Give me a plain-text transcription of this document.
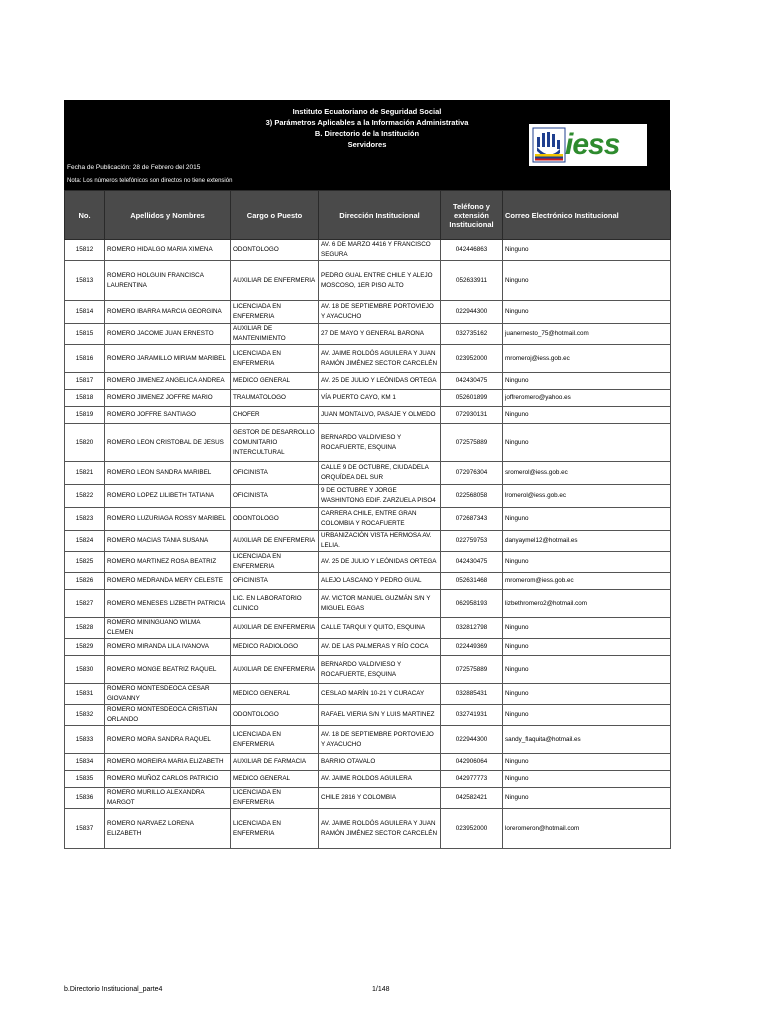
Instituto Ecuatoriano de Seguridad Social
3) Parámetros Aplicables a la Información Administrativa
B. Directorio de la Institución
Servidores
Fecha de Publicación: 28 de Febrero del 2015
Nota: Los números telefónicos son directos no tiene extensión
iess
No.	Apellidos y Nombres	Cargo o Puesto	Dirección Institucional	Teléfono y extensión Institucional	Correo Electrónico Institucional
15812	ROMERO HIDALGO MARIA XIMENA	ODONTOLOGO	AV. 6 DE MARZO 4416 Y FRANCISCO SEGURA	042446863	Ninguno
15813	ROMERO HOLGUIN FRANCISCA LAURENTINA	AUXILIAR DE ENFERMERIA	PEDRO GUAL ENTRE CHILE Y ALEJO MOSCOSO, 1ER PISO ALTO	052633911	Ninguno
15814	ROMERO IBARRA MARCIA GEORGINA	LICENCIADA EN ENFERMERIA	AV. 18 DE SEPTIEMBRE PORTOVIEJO Y AYACUCHO	022944300	Ninguno
15815	ROMERO JACOME JUAN ERNESTO	AUXILIAR DE MANTENIMIENTO	27 DE MAYO Y GENERAL BARONA	032735162	juanernesto_75@hotmail.com
15816	ROMERO JARAMILLO MIRIAM MARIBEL	LICENCIADA EN ENFERMERIA	AV. JAIME ROLDÓS AGUILERA Y JUAN RAMÓN JIMÉNEZ SECTOR CARCELÉN	023952000	mromeroj@iess.gob.ec
15817	ROMERO JIMENEZ ANGELICA ANDREA	MEDICO GENERAL	AV. 25 DE JULIO Y LEÓNIDAS ORTEGA	042430475	Ninguno
15818	ROMERO JIMENEZ JOFFRE MARIO	TRAUMATOLOGO	VÍA PUERTO CAYO, KM 1	052601899	joffreromero@yahoo.es
15819	ROMERO JOFFRE SANTIAGO	CHOFER	JUAN MONTALVO, PASAJE Y OLMEDO	072930131	Ninguno
15820	ROMERO LEON CRISTOBAL DE JESUS	GESTOR DE DESARROLLO COMUNITARIO INTERCULTURAL	BERNARDO VALDIVIESO Y ROCAFUERTE, ESQUINA	072575889	Ninguno
15821	ROMERO LEON SANDRA MARIBEL	OFICINISTA	CALLE 9 DE OCTUBRE, CIUDADELA ORQUÍDEA DEL SUR	072976304	sromerol@iess.gob.ec
15822	ROMERO LOPEZ LILIBETH TATIANA	OFICINISTA	9 DE OCTUBRE Y JORGE WASHINTONG EDIF. ZARZUELA PISO4	022568058	lromerol@iess.gob.ec
15823	ROMERO LUZURIAGA ROSSY MARIBEL	ODONTOLOGO	CARRERA CHILE, ENTRE GRAN COLOMBIA Y ROCAFUERTE	072687343	Ninguno
15824	ROMERO MACIAS TANIA SUSANA	AUXILIAR DE ENFERMERIA	URBANIZACIÓN VISTA HERMOSA AV. LELIA.	022759753	danyaymel12@hotmail.es
15825	ROMERO MARTINEZ ROSA BEATRIZ	LICENCIADA EN ENFERMERIA	AV. 25 DE JULIO Y LEÓNIDAS ORTEGA	042430475	Ninguno
15826	ROMERO MEDRANDA MERY CELESTE	OFICINISTA	ALEJO LASCANO Y PEDRO GUAL	052631468	mromerom@iess.gob.ec
15827	ROMERO MENESES LIZBETH PATRICIA	LIC. EN LABORATORIO CLINICO	AV. VICTOR MANUEL GUZMÁN S/N Y MIGUEL EGAS	062958193	lizbethromero2@hotmail.com
15828	ROMERO MININGUANO WILMA CLEMEN	AUXILIAR DE ENFERMERIA	CALLE TARQUI Y QUITO, ESQUINA	032812798	Ninguno
15829	ROMERO MIRANDA LILA IVANOVA	MEDICO RADIOLOGO	AV. DE LAS PALMERAS Y RÍO COCA	022449369	Ninguno
15830	ROMERO MONGE BEATRIZ RAQUEL	AUXILIAR DE ENFERMERIA	BERNARDO VALDIVIESO Y ROCAFUERTE, ESQUINA	072575889	Ninguno
15831	ROMERO MONTESDEOCA CESAR GIOVANNY	MEDICO GENERAL	CESLAO MARÍN 10-21 Y CURACAY	032885431	Ninguno
15832	ROMERO MONTESDEOCA CRISTIAN ORLANDO	ODONTOLOGO	RAFAEL VIERIA S/N Y LUIS MARTINEZ	032741931	Ninguno
15833	ROMERO MORA SANDRA RAQUEL	LICENCIADA EN ENFERMERIA	AV. 18 DE SEPTIEMBRE PORTOVIEJO Y AYACUCHO	022944300	sandy_flaquita@hotmail.es
15834	ROMERO MOREIRA MARIA ELIZABETH	AUXILIAR DE FARMACIA	BARRIO OTAVALO	042906064	Ninguno
15835	ROMERO MUÑOZ CARLOS PATRICIO	MEDICO GENERAL	AV. JAIME ROLDOS AGUILERA	042977773	Ninguno
15836	ROMERO MURILLO ALEXANDRA MARGOT	LICENCIADA EN ENFERMERIA	CHILE 2816 Y COLOMBIA	042582421	Ninguno
15837	ROMERO NARVAEZ LORENA ELIZABETH	LICENCIADA EN ENFERMERIA	AV. JAIME ROLDÓS AGUILERA Y JUAN RAMÓN JIMÉNEZ SECTOR CARCELÉN	023952000	loreromeron@hotmail.com
b.Directorio Institucional_parte4	1/148
